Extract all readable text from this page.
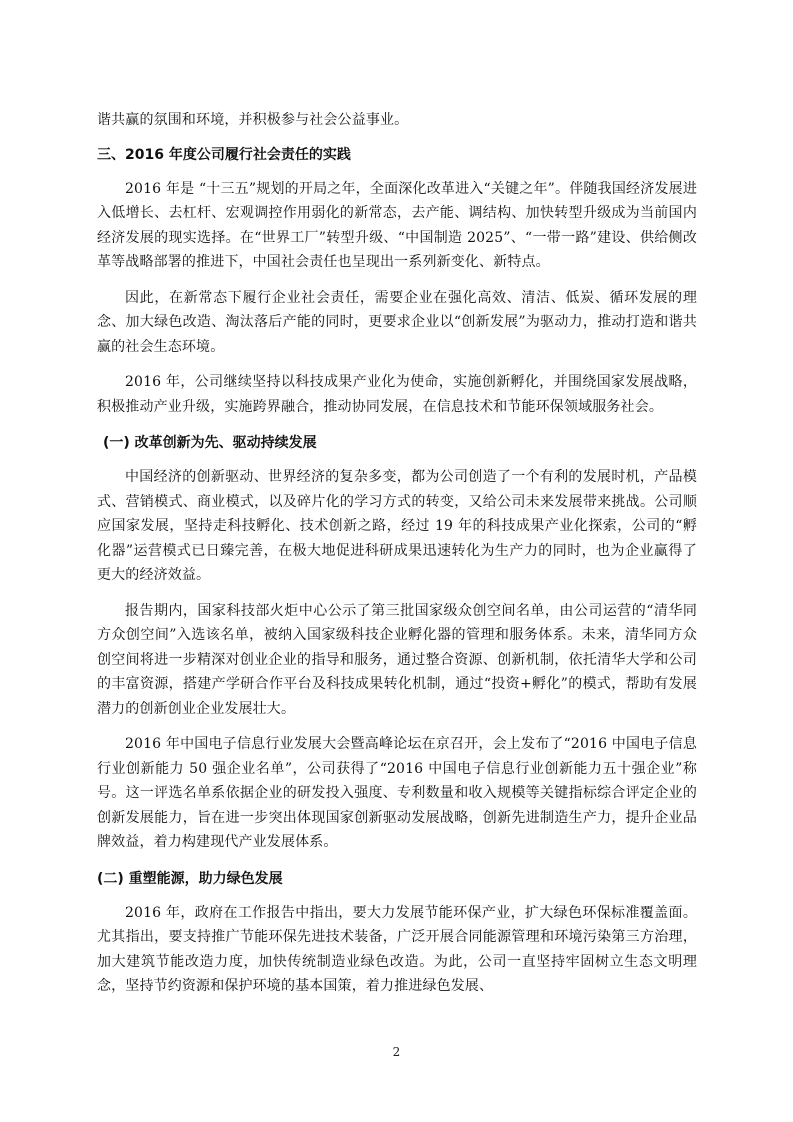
谐共赢的氛围和环境，并积极参与社会公益事业。

三、2016 年度公司履行社会责任的实践

2016 年是 “十三五”规划的开局之年，全面深化改革进入“关键之年”。伴随我国经济发展进入低增长、去杠杆、宏观调控作用弱化的新常态，去产能、调结构、加快转型升级成为当前国内经济发展的现实选择。在“世界工厂”转型升级、“中国制造 2025”、“一带一路”建设、供给侧改革等战略部署的推进下，中国社会责任也呈现出一系列新变化、新特点。

因此，在新常态下履行企业社会责任，需要企业在强化高效、清洁、低炭、循环发展的理念、加大绿色改造、淘汰落后产能的同时，更要求企业以“创新发展”为驱动力，推动打造和谐共赢的社会生态环境。

2016 年，公司继续坚持以科技成果产业化为使命，实施创新孵化，并围绕国家发展战略，积极推动产业升级，实施跨界融合，推动协同发展，在信息技术和节能环保领域服务社会。

(一) 改革创新为先、驱动持续发展

中国经济的创新驱动、世界经济的复杂多变，都为公司创造了一个有利的发展时机，产品模式、营销模式、商业模式，以及碎片化的学习方式的转变，又给公司未来发展带来挑战。公司顺应国家发展，坚持走科技孵化、技术创新之路，经过 19 年的科技成果产业化探索，公司的“孵化器”运营模式已日臻完善，在极大地促进科研成果迅速转化为生产力的同时，也为企业赢得了更大的经济效益。

报告期内，国家科技部火炬中心公示了第三批国家级众创空间名单，由公司运营的“清华同方众创空间”入选该名单，被纳入国家级科技企业孵化器的管理和服务体系。未来，清华同方众创空间将进一步精深对创业企业的指导和服务，通过整合资源、创新机制，依托清华大学和公司的丰富资源，搭建产学研合作平台及科技成果转化机制，通过“投资+孵化”的模式，帮助有发展潜力的创新创业企业发展壮大。

2016 年中国电子信息行业发展大会暨高峰论坛在京召开，会上发布了“2016 中国电子信息行业创新能力 50 强企业名单”，公司获得了“2016 中国电子信息行业创新能力五十强企业”称号。这一评选名单系依据企业的研发投入强度、专利数量和收入规模等关键指标综合评定企业的创新发展能力，旨在进一步突出体现国家创新驱动发展战略，创新先进制造生产力，提升企业品牌效益，着力构建现代产业发展体系。

(二) 重塑能源，助力绿色发展

2016 年，政府在工作报告中指出，要大力发展节能环保产业，扩大绿色环保标准覆盖面。尤其指出，要支持推广节能环保先进技术装备，广泛开展合同能源管理和环境污染第三方治理，加大建筑节能改造力度，加快传统制造业绿色改造。为此，公司一直坚持牢固树立生态文明理念，坚持节约资源和保护环境的基本国策，着力推进绿色发展、

2
